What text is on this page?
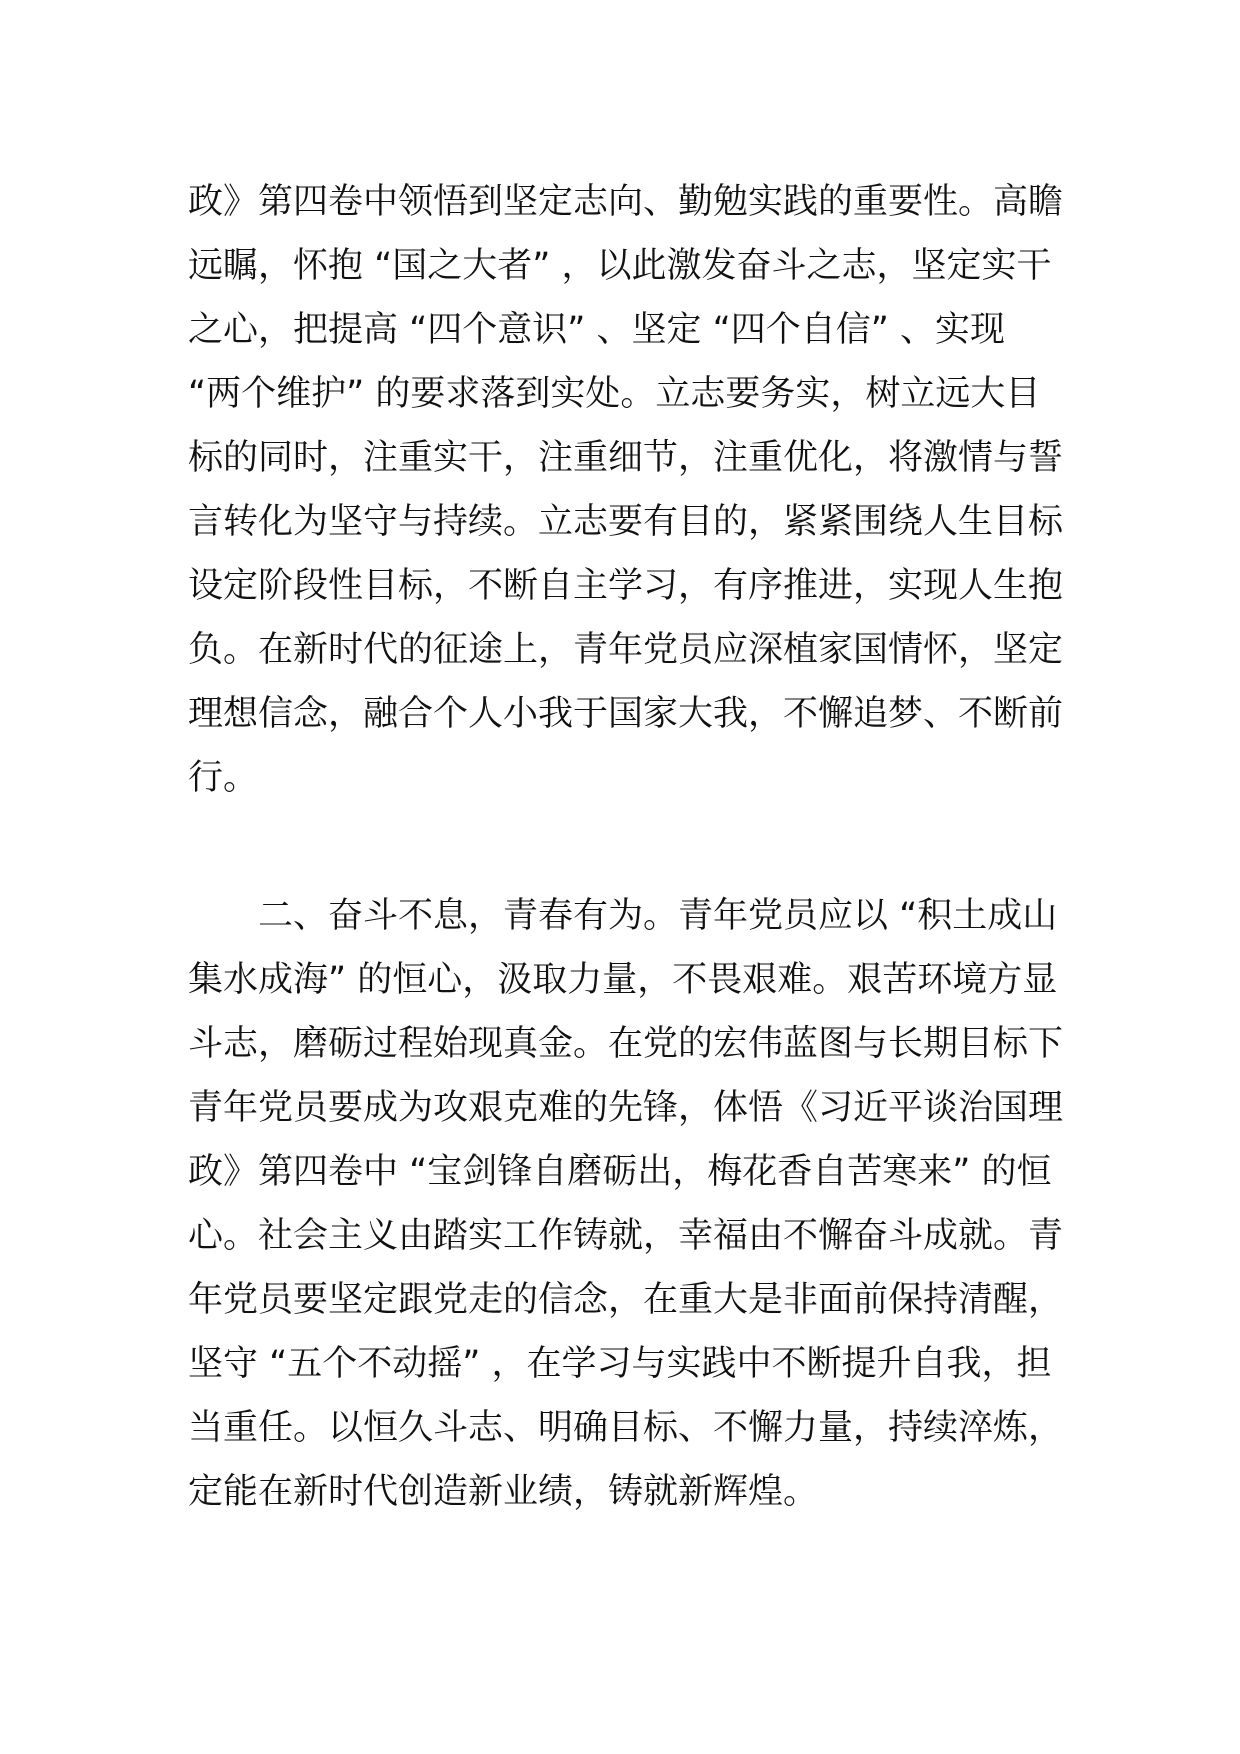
政》第四卷中领悟到坚定志向、勤勉实践的重要性。高瞻
远瞩，怀抱 “国之大者” ，以此激发奋斗之志，坚定实干
之心，把提高 “四个意识” 、坚定 “四个自信” 、实现
“两个维护” 的要求落到实处。立志要务实，树立远大目
标的同时，注重实干，注重细节，注重优化，将激情与誓
言转化为坚守与持续。立志要有目的，紧紧围绕人生目标
设定阶段性目标，不断自主学习，有序推进，实现人生抱
负。在新时代的征途上，青年党员应深植家国情怀，坚定
理想信念，融合个人小我于国家大我，不懈追梦、不断前
行。
　　二、奋斗不息，青春有为。青年党员应以 “积土成山
集水成海” 的恒心，汲取力量，不畏艰难。艰苦环境方显
斗志，磨砺过程始现真金。在党的宏伟蓝图与长期目标下
青年党员要成为攻艰克难的先锋，体悟《习近平谈治国理
政》第四卷中 “宝剑锋自磨砺出，梅花香自苦寒来” 的恒
心。社会主义由踏实工作铸就，幸福由不懈奋斗成就。青
年党员要坚定跟党走的信念，在重大是非面前保持清醒，
坚守 “五个不动摇” ，在学习与实践中不断提升自我，担
当重任。以恒久斗志、明确目标、不懈力量，持续淬炼，
定能在新时代创造新业绩，铸就新辉煌。
